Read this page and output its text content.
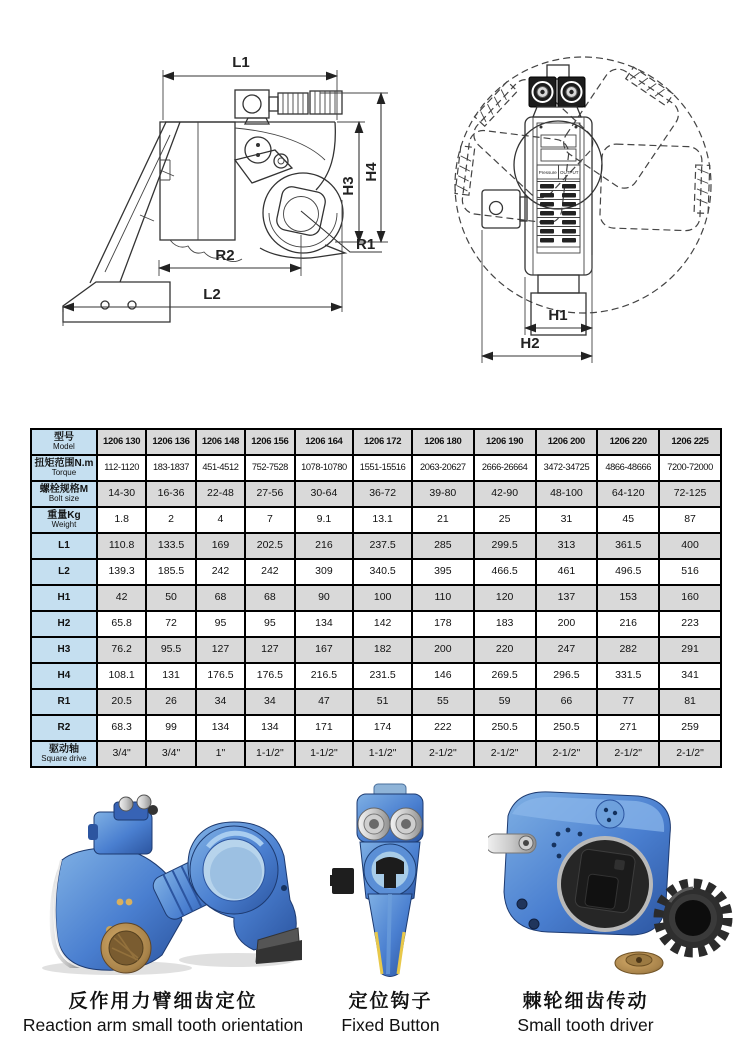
L1
H4
H3
R1
R2
L2
Pressure OUTPUT
H1
H2
型号
Model	1206 130	1206 136	1206 148	1206 156	1206 164	1206 172	1206 180	1206 190	1206 200	1206 220	1206 225

扭矩范围N.m
Torque	112-1120	183-1837	451-4512	752-7528	1078-10780	1551-15516	2063-20627	2666-26664	3472-34725	4866-48666	7200-72000

螺栓规格M
Bolt size	14-30	16-36	22-48	27-56	30-64	36-72	39-80	42-90	48-100	64-120	72-125

重量Kg
Weight	1.8	2	4	7	9.1	13.1	21	25	31	45	87

L1	110.8	133.5	169	202.5	216	237.5	285	299.5	313	361.5	400

L2	139.3	185.5	242	242	309	340.5	395	466.5	461	496.5	516

H1	42	50	68	68	90	100	110	120	137	153	160

H2	65.8	72	95	95	134	142	178	183	200	216	223

H3	76.2	95.5	127	127	167	182	200	220	247	282	291

H4	108.1	131	176.5	176.5	216.5	231.5	146	269.5	296.5	331.5	341

R1	20.5	26	34	34	47	51	55	59	66	77	81

R2	68.3	99	134	134	171	174	222	250.5	250.5	271	259

驱动轴
Square drive	3/4"	3/4"	1"	1-1/2"	1-1/2"	1-1/2"	2-1/2"	2-1/2"	2-1/2"	2-1/2"	2-1/2"
反作用力臂细齿定位
Reaction arm small tooth orientation
定位钩子
Fixed Button
棘轮细齿传动
Small tooth driver
